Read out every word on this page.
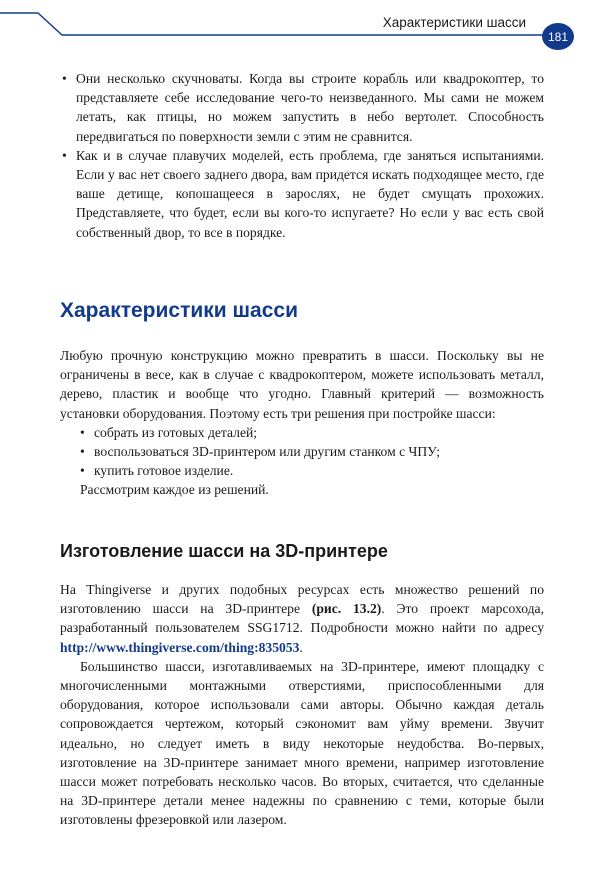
Характеристики шасси
181
• Они несколько скучноваты. Когда вы строите корабль или квадрокоптер, то представляете себе исследование чего-то неизведанного. Мы сами не можем летать, как птицы, но можем запустить в небо вертолет. Способность передвигаться по поверхности земли с этим не сравнится.
• Как и в случае плавучих моделей, есть проблема, где заняться испытаниями. Если у вас нет своего заднего двора, вам придется искать подходящее место, где ваше детище, копошащееся в зарослях, не будет смущать прохожих. Представляете, что будет, если вы кого-то испугаете? Но если у вас есть свой собственный двор, то все в порядке.
Характеристики шасси

Любую прочную конструкцию можно превратить в шасси. Поскольку вы не ограничены в весе, как в случае с квадрокоптером, можете использовать металл, дерево, пластик и вообще что угодно. Главный критерий — возможность установки оборудования. Поэтому есть три решения при постройке шасси:

• собрать из готовых деталей;
• воспользоваться 3D-принтером или другим станком с ЧПУ;
• купить готовое изделие.

Рассмотрим каждое из решений.

Изготовление шасси на 3D-принтере

На Thingiverse и других подобных ресурсах есть множество решений по изготовлению шасси на 3D-принтере (рис. 13.2). Это проект марсохода, разработанный пользователем SSG1712. Подробности можно найти по адресу http://www.thingiverse.com/thing:835053.

Большинство шасси, изготавливаемых на 3D-принтере, имеют площадку с многочисленными монтажными отверстиями, приспособленными для оборудования, которое использовали сами авторы. Обычно каждая деталь сопровождается чертежом, который сэкономит вам уйму времени. Звучит идеально, но следует иметь в виду некоторые неудобства. Во-первых, изготовление на 3D-принтере занимает много времени, например изготовление шасси может потребовать несколько часов. Во вторых, считается, что сделанные на 3D-принтере детали менее надежны по сравнению с теми, которые были изготовлены фрезеровкой или лазером.
